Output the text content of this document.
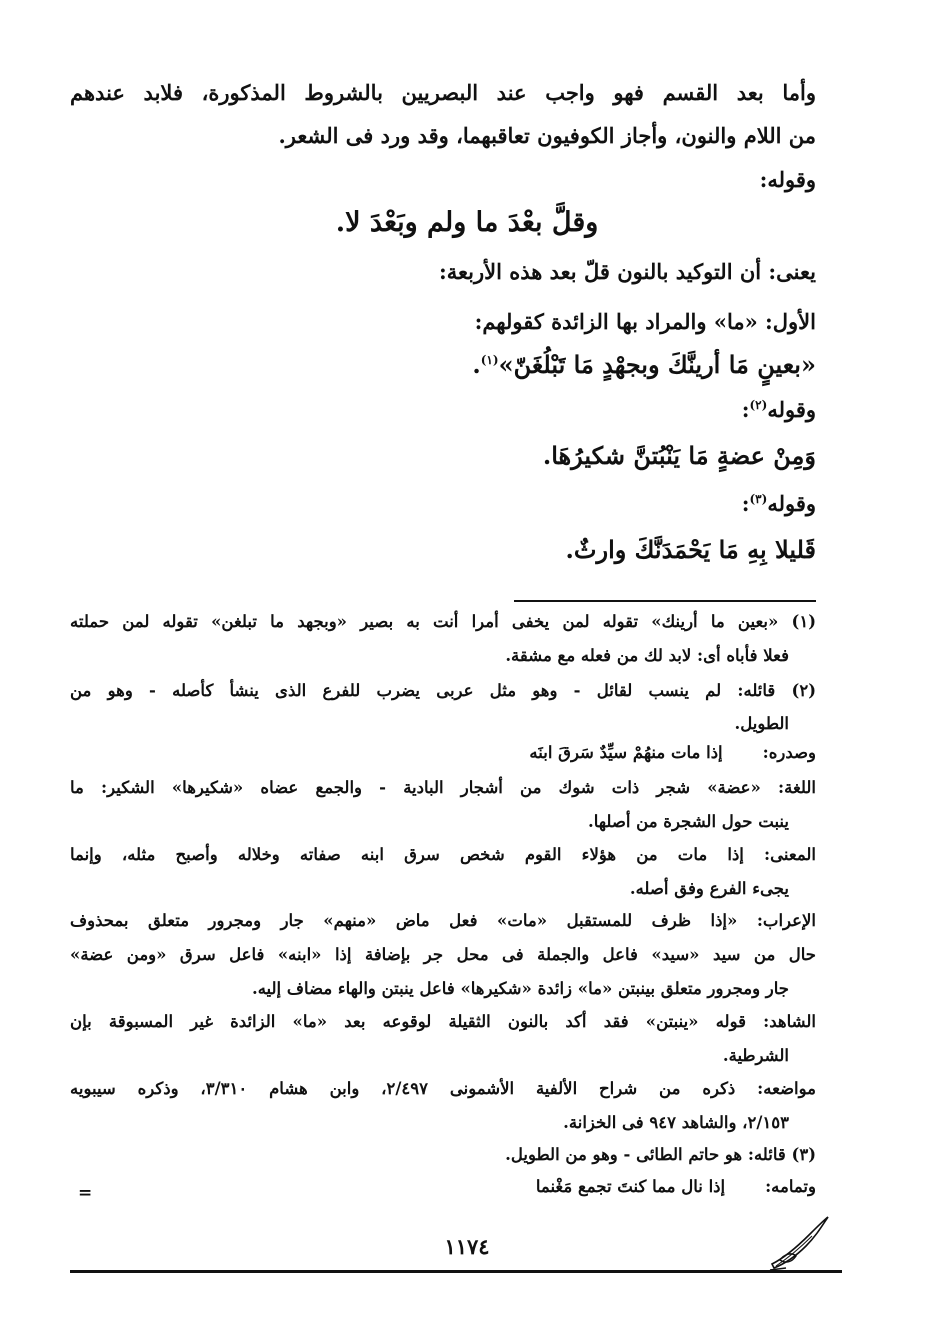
وأما بعد القسم فهو واجب عند البصريين بالشروط المذكورة، فلابد عندهم
من اللام والنون، وأجاز الكوفيون تعاقبهما، وقد ورد فى الشعر.
وقوله:
وقلَّ بعْدَ ما ولم وبَعْدَ لا.
يعنى: أن التوكيد بالنون قلّ بعد هذه الأربعة:
الأول: «ما» والمراد بها الزائدة كقولهم:
«بعينٍ مَا أرينَّكَ وبجهْدٍ مَا تَبْلُغَنّ»$^{(١)}$.
وقوله$^{(٢)}$:
وَمِنْ عضةٍ مَا يَنْبُتنَّ شكيرُهَا.
وقوله$^{(٣)}$:
قَليلا بِهِ مَا يَحْمَدَنَّكَ وارثٌ.
(١) «بعين ما أرينك» تقوله لمن يخفى أمرا أنت به بصير «وبجهد ما تبلغن» تقوله لمن حملته
فعلا فأباه أى: لابد لك من فعله مع مشقة.
(٢) قائله: لم ينسب لقائل - وهو مثل عربى يضرب للفرع الذى ينشأ كأصله - وهو من
الطويل.
وصدره:إذا مات منهُمْ سيِّدٌ سَرقَ ابنَه
اللغة: «عضة» شجر ذات شوك من أشجار البادية - والجمع عضاه «شكيرها» الشكير: ما
ينبت حول الشجرة من أصلها.
المعنى: إذا مات من هؤلاء القوم شخص سرق ابنه صفاته وخلاله وأصبح مثله، وإنما
يجىء الفرع وفق أصله.
الإعراب: «إذا ظرف للمستقبل «مات» فعل ماض «منهم» جار ومجرور متعلق بمحذوف
حال من سيد «سيد» فاعل والجملة فى محل جر بإضافة إذا «ابنه» فاعل سرق «ومن عضة»
جار ومجرور متعلق بينبتن «ما» زائدة «شكيرها» فاعل ينبتن والهاء مضاف إليه.
الشاهد: قوله «ينبتن» فقد أكد بالنون الثقيلة لوقوعه بعد «ما» الزائدة غير المسبوقة بإن
الشرطية.
مواضعه: ذكره من شراح الألفية الأشمونى ٢/٤٩٧، وابن هشام ٣/٣١٠، وذكره سيبويه
٢/١٥٣، والشاهد ٩٤٧ فى الخزانة.
(٣) قائله: هو حاتم الطائى - وهو من الطويل.
وتمامه:إذا نال مما كنتَ تجمع مَغْنما
=
١١٧٤
